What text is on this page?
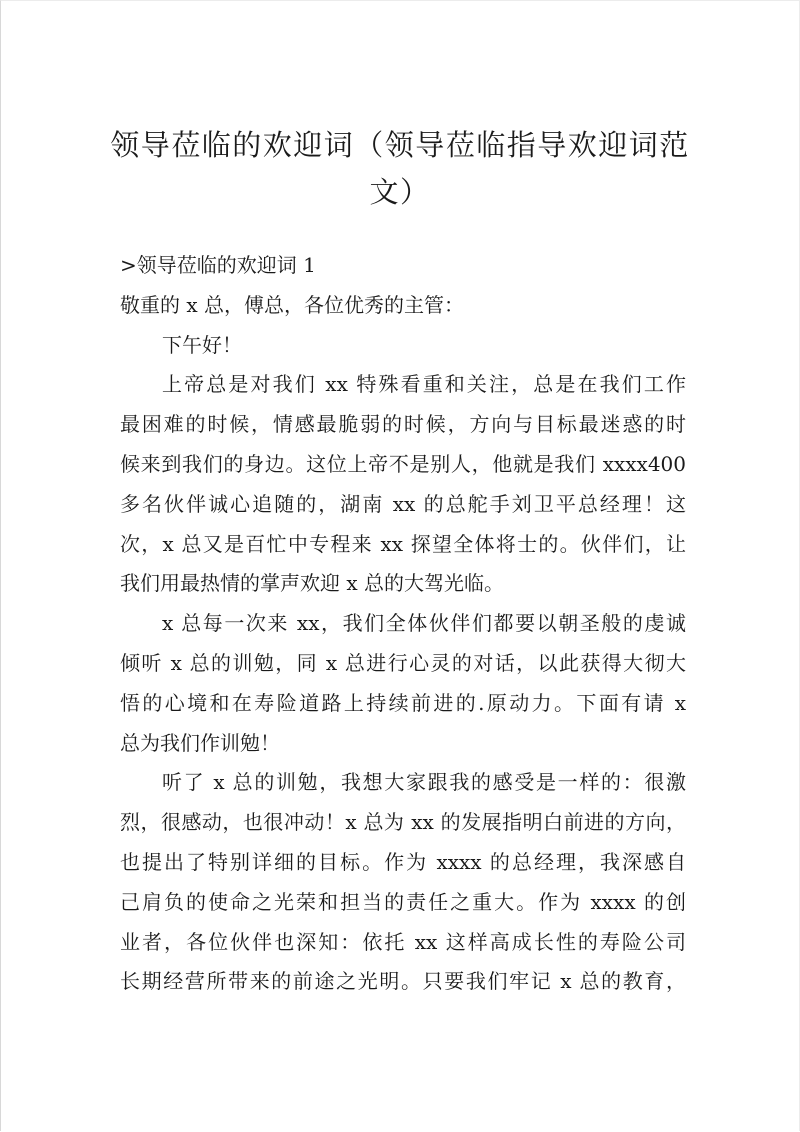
领导莅临的欢迎词（领导莅临指导欢迎词范
文）
>领导莅临的欢迎词 1
敬重的 x 总，傅总，各位优秀的主管：
下午好！
上帝总是对我们 xx 特殊看重和关注，总是在我们工作
最困难的时候，情感最脆弱的时候，方向与目标最迷惑的时
候来到我们的身边。这位上帝不是别人，他就是我们 xxxx400
多名伙伴诚心追随的，湖南 xx 的总舵手刘卫平总经理！这
次，x 总又是百忙中专程来 xx 探望全体将士的。伙伴们，让
我们用最热情的掌声欢迎 x 总的大驾光临。
x 总每一次来 xx，我们全体伙伴们都要以朝圣般的虔诚
倾听 x 总的训勉，同 x 总进行心灵的对话，以此获得大彻大
悟的心境和在寿险道路上持续前进的.原动力。下面有请 x
总为我们作训勉！
听了 x 总的训勉，我想大家跟我的感受是一样的：很激
烈，很感动，也很冲动！x 总为 xx 的发展指明白前进的方向，
也提出了特别详细的目标。作为 xxxx 的总经理，我深感自
己肩负的使命之光荣和担当的责任之重大。作为 xxxx 的创
业者，各位伙伴也深知：依托 xx 这样高成长性的寿险公司
长期经营所带来的前途之光明。只要我们牢记 x 总的教育，
